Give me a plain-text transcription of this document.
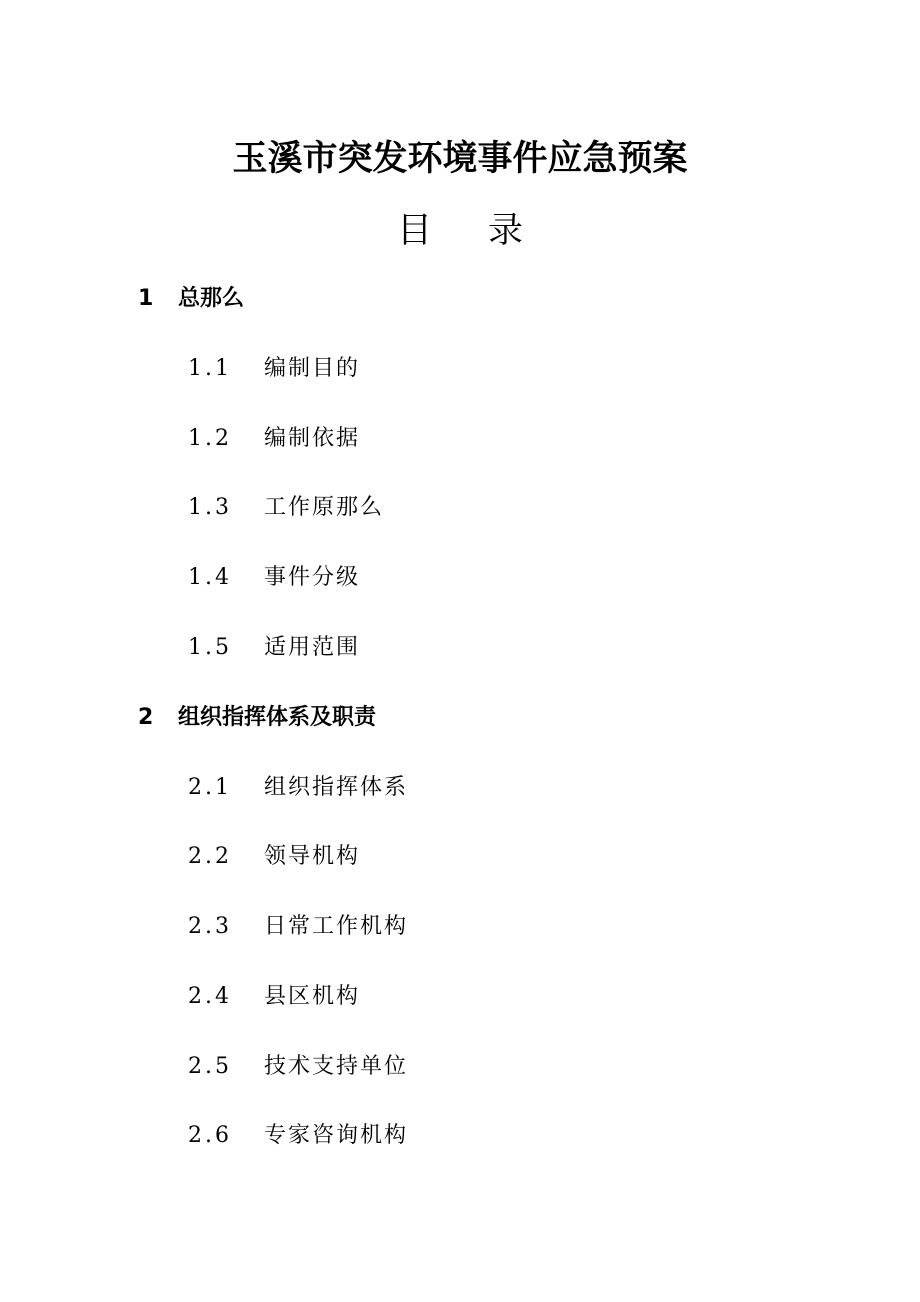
玉溪市突发环境事件应急预案
目 录
1 总那么
1.1 编制目的
1.2 编制依据
1.3 工作原那么
1.4 事件分级
1.5 适用范围
2 组织指挥体系及职责
2.1 组织指挥体系
2.2 领导机构
2.3 日常工作机构
2.4 县区机构
2.5 技术支持单位
2.6 专家咨询机构
